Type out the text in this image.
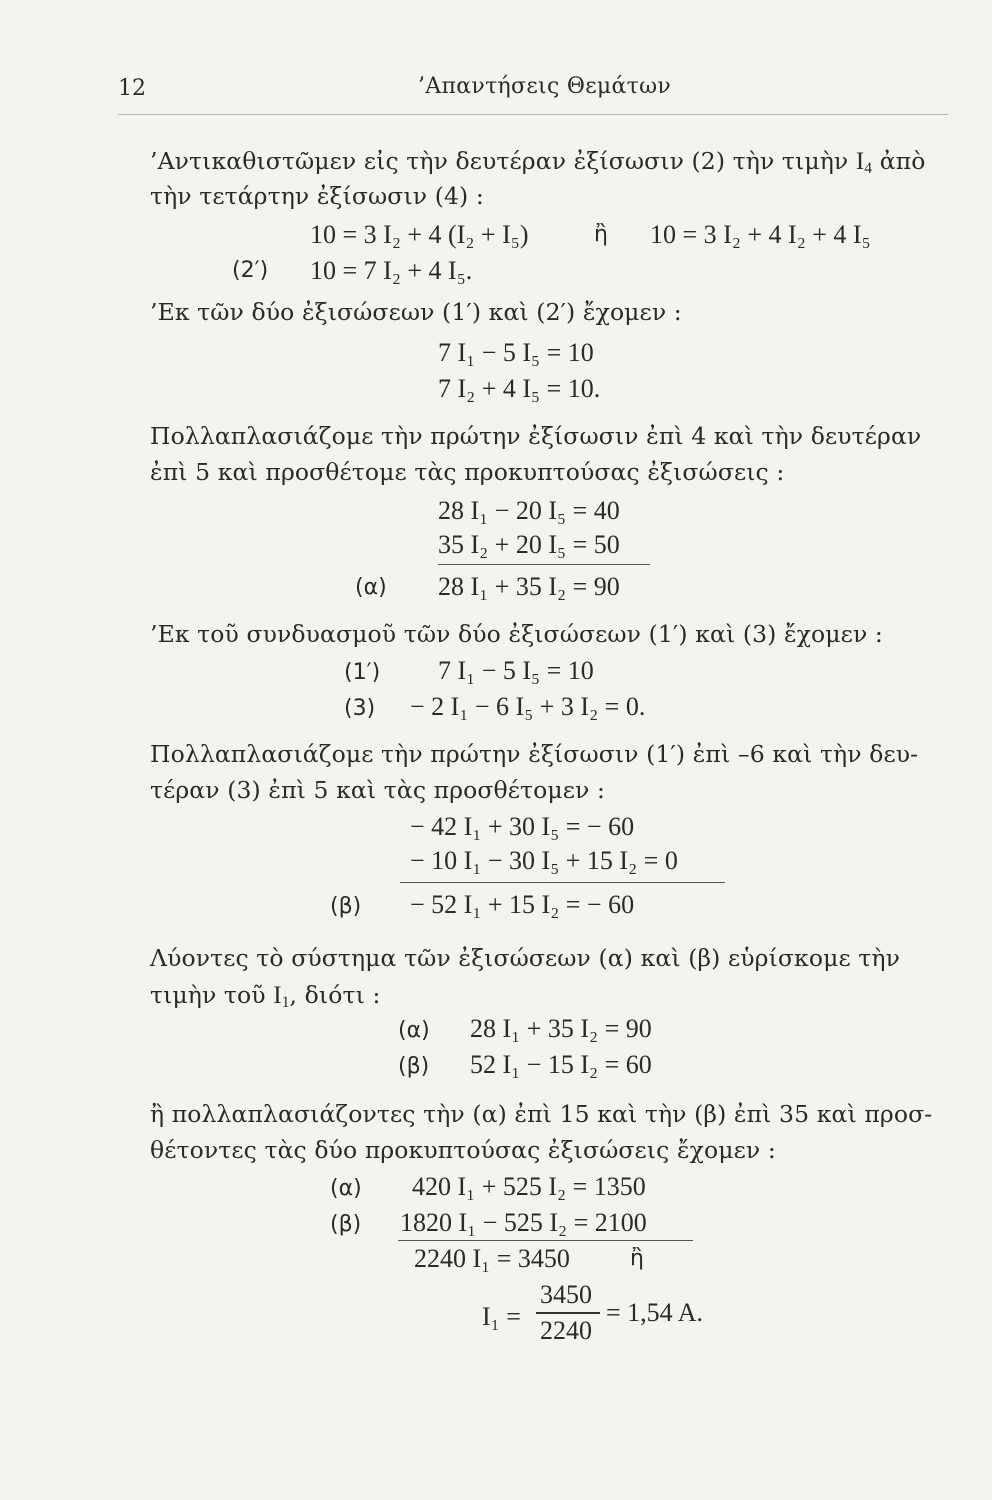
12	’Απαντήσεις Θεμάτων
’Αντικαθιστῶμεν εἰς τὴν δευτέραν ἐξίσωσιν (2) τὴν τιμὴν $I_4$ ἀπὸ
τὴν τετάρτην ἐξίσωσιν (4) :
10 = 3 I₂ + 4 (I₂ + I₅)	ἢ 10 = 3 I₂ + 4 I₂ + 4 I₅
(2′) 10 = 7 I₂ + 4 I₅.
’Εκ τῶν δύο ἐξισώσεων (1′) καὶ (2′) ἔχομεν :
7 I₁ − 5 I₅ = 10
7 I₂ + 4 I₅ = 10.
Πολλαπλασιάζομε τὴν πρώτην ἐξίσωσιν ἐπὶ 4 καὶ τὴν δευτέραν
ἐπὶ 5 καὶ προσθέτομε τὰς προκυπτούσας ἐξισώσεις :
28 I₁ − 20 I₅ = 40
35 I₂ + 20 I₅ = 50
(α) 28 I₁ + 35 I₂ = 90
’Εκ τοῦ συνδυασμοῦ τῶν δύο ἐξισώσεων (1′) καὶ (3) ἔχομεν :
(1′) 7 I₁ − 5 I₅ = 10
(3) − 2 I₁ − 6 I₅ + 3 I₂ = 0.
Πολλαπλασιάζομε τὴν πρώτην ἐξίσωσιν (1′) ἐπὶ –6 καὶ τὴν δευ-
τέραν (3) ἐπὶ 5 καὶ τὰς προσθέτομεν :
− 42 I₁ + 30 I₅ = − 60
− 10 I₁ − 30 I₅ + 15 I₂ = 0
(β) − 52 I₁ + 15 I₂ = − 60
Λύοντες τὸ σύστημα τῶν ἐξισώσεων (α) καὶ (β) εὑρίσκομε τὴν
τιμὴν τοῦ $I_1$, διότι :
(α) 28 I₁ + 35 I₂ = 90
(β) 52 I₁ − 15 I₂ = 60
ἢ πολλαπλασιάζοντες τὴν (α) ἐπὶ 15 καὶ τὴν (β) ἐπὶ 35 καὶ προσ-
θέτοντες τὰς δύο προκυπτούσας ἐξισώσεις ἔχομεν :
(α) 420 I₁ + 525 I₂ = 1350
(β) 1820 I₁ − 525 I₂ = 2100
2240 I₁ = 3450	ἢ
I₁ =
3450
2240
= 1,54 A.
